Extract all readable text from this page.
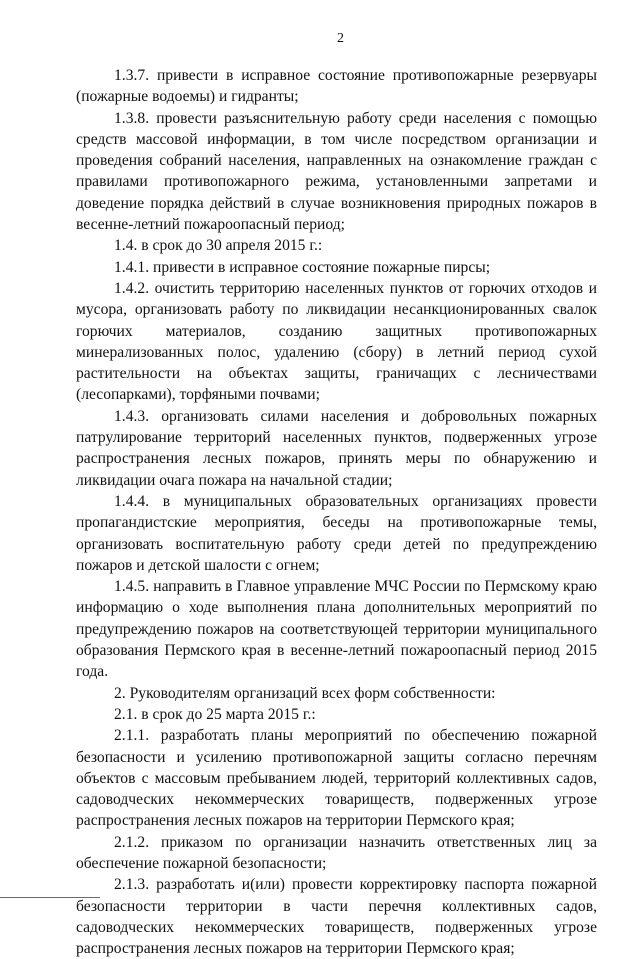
2

1.3.7. привести в исправное состояние противопожарные резервуары (пожарные водоемы) и гидранты;

1.3.8. провести разъяснительную работу среди населения с помощью средств массовой информации, в том числе посредством организации и проведения собраний населения, направленных на ознакомление граждан с правилами противопожарного режима, установленными запретами и доведение порядка действий в случае возникновения природных пожаров в весенне-летний пожароопасный период;

1.4. в срок до 30 апреля 2015 г.:

1.4.1. привести в исправное состояние пожарные пирсы;

1.4.2. очистить территорию населенных пунктов от горючих отходов и мусора, организовать работу по ликвидации несанкционированных свалок горючих материалов, созданию защитных противопожарных минерализованных полос, удалению (сбору) в летний период сухой растительности на объектах защиты, граничащих с лесничествами (лесопарками), торфяными почвами;

1.4.3. организовать силами населения и добровольных пожарных патрулирование территорий населенных пунктов, подверженных угрозе распространения лесных пожаров, принять меры по обнаружению и ликвидации очага пожара на начальной стадии;

1.4.4. в муниципальных образовательных организациях провести пропагандистские мероприятия, беседы на противопожарные темы, организовать воспитательную работу среди детей по предупреждению пожаров и детской шалости с огнем;

1.4.5. направить в Главное управление МЧС России по Пермскому краю информацию о ходе выполнения плана дополнительных мероприятий по предупреждению пожаров на соответствующей территории муниципального образования Пермского края в весенне-летний пожароопасный период 2015 года.

2. Руководителям организаций всех форм собственности:

2.1. в срок до 25 марта 2015 г.:

2.1.1. разработать планы мероприятий по обеспечению пожарной безопасности и усилению противопожарной защиты согласно перечням объектов с массовым пребыванием людей, территорий коллективных садов, садоводческих некоммерческих товариществ, подверженных угрозе распространения лесных пожаров на территории Пермского края;

2.1.2. приказом по организации назначить ответственных лиц за обеспечение пожарной безопасности;

2.1.3. разработать и(или) провести корректировку паспорта пожарной безопасности территории в части перечня коллективных садов, садоводческих некоммерческих товариществ, подверженных угрозе распространения лесных пожаров на территории Пермского края;
